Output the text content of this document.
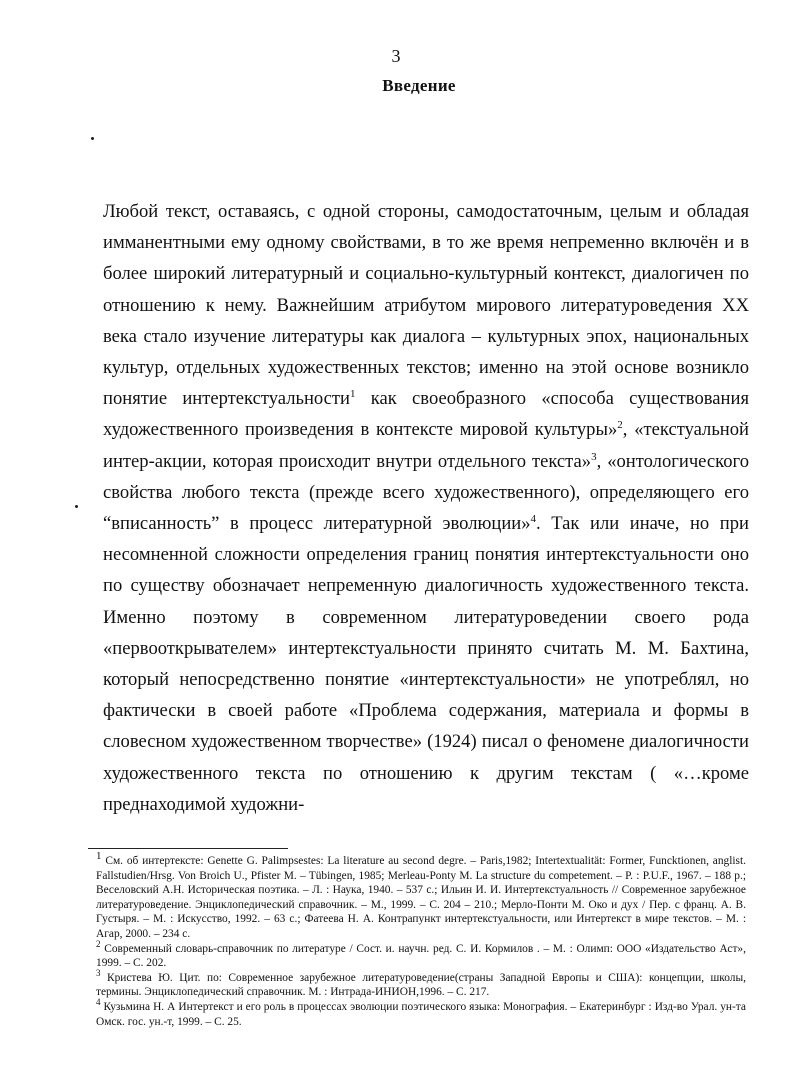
3
Введение

Любой текст, оставаясь, с одной стороны, самодостаточным, целым и обладая имманентными ему одному свойствами, в то же время непременно включён и в более широкий литературный и социально-культурный контекст, диалогичен по отношению к нему. Важнейшим атрибутом мирового литературоведения XX века стало изучение литературы как диалога – культурных эпох, национальных культур, отдельных художественных текстов; именно на этой основе возникло понятие интертекстуальности$^1$ как своеобразного «способа существования художественного произведения в контексте мировой культуры»$^2$, «текстуальной интер-акции, которая происходит внутри отдельного текста»$^3$, «онтологического свойства любого текста (прежде всего художественного), определяющего его “вписанность” в процесс литературной эволюции»$^4$. Так или иначе, но при несомненной сложности определения границ понятия интертекстуальности оно по существу обозначает непременную диалогичность художественного текста. Именно поэтому в современном литературоведении своего рода «первооткрывателем» интертекстуальности принято считать М. М. Бахтина, который непосредственно понятие «интертекстуальности» не употреблял, но фактически в своей работе «Проблема содержания, материала и формы в словесном художественном творчестве» (1924) писал о феномене диалогичности художественного текста по отношению к другим текстам ( «…кроме преднаходимой художни-

$^1$ См. об интертексте: Genette G. Palimpsestes: La literature au second degre. – Paris,1982; Intertextualität: Former, Funcktionen, anglist. Fallstudien/Hrsg. Von Broich U., Pfister M. – Tübingen, 1985; Merleau-Ponty M. La structure du competement. – P. : P.U.F., 1967. – 188 p.; Веселовский А.Н. Историческая поэтика. – Л. : Наука, 1940. – 537 с.; Ильин И. И. Интертекстуальность // Современное зарубежное литературоведение. Энциклопедический справочник. – М., 1999. – С. 204 – 210.; Мерло-Понти М. Око и дух / Пер. с франц. А. В. Густыря. – М. : Искусство, 1992. – 63 с.; Фатеева Н. А. Контрапункт интертекстуальности, или Интертекст в мире текстов. – М. : Агар, 2000. – 234 с.

$^2$ Современный словарь-справочник по литературе / Сост. и. научн. ред. С. И. Кормилов . – М. : Олимп: ООО «Издательство Аст», 1999. – С. 202.

$^3$ Кристева Ю. Цит. по: Современное зарубежное литературоведение(страны Западной Европы и США): концепции, школы, термины. Энциклопедический справочник. М. : Интрада-ИНИОН,1996. – С. 217.

$^4$ Кузьмина Н. А Интертекст и его роль в процессах эволюции поэтического языка: Монография. – Екатеринбург : Изд-во Урал. ун-та Омск. гос. ун.-т, 1999. – С. 25.
